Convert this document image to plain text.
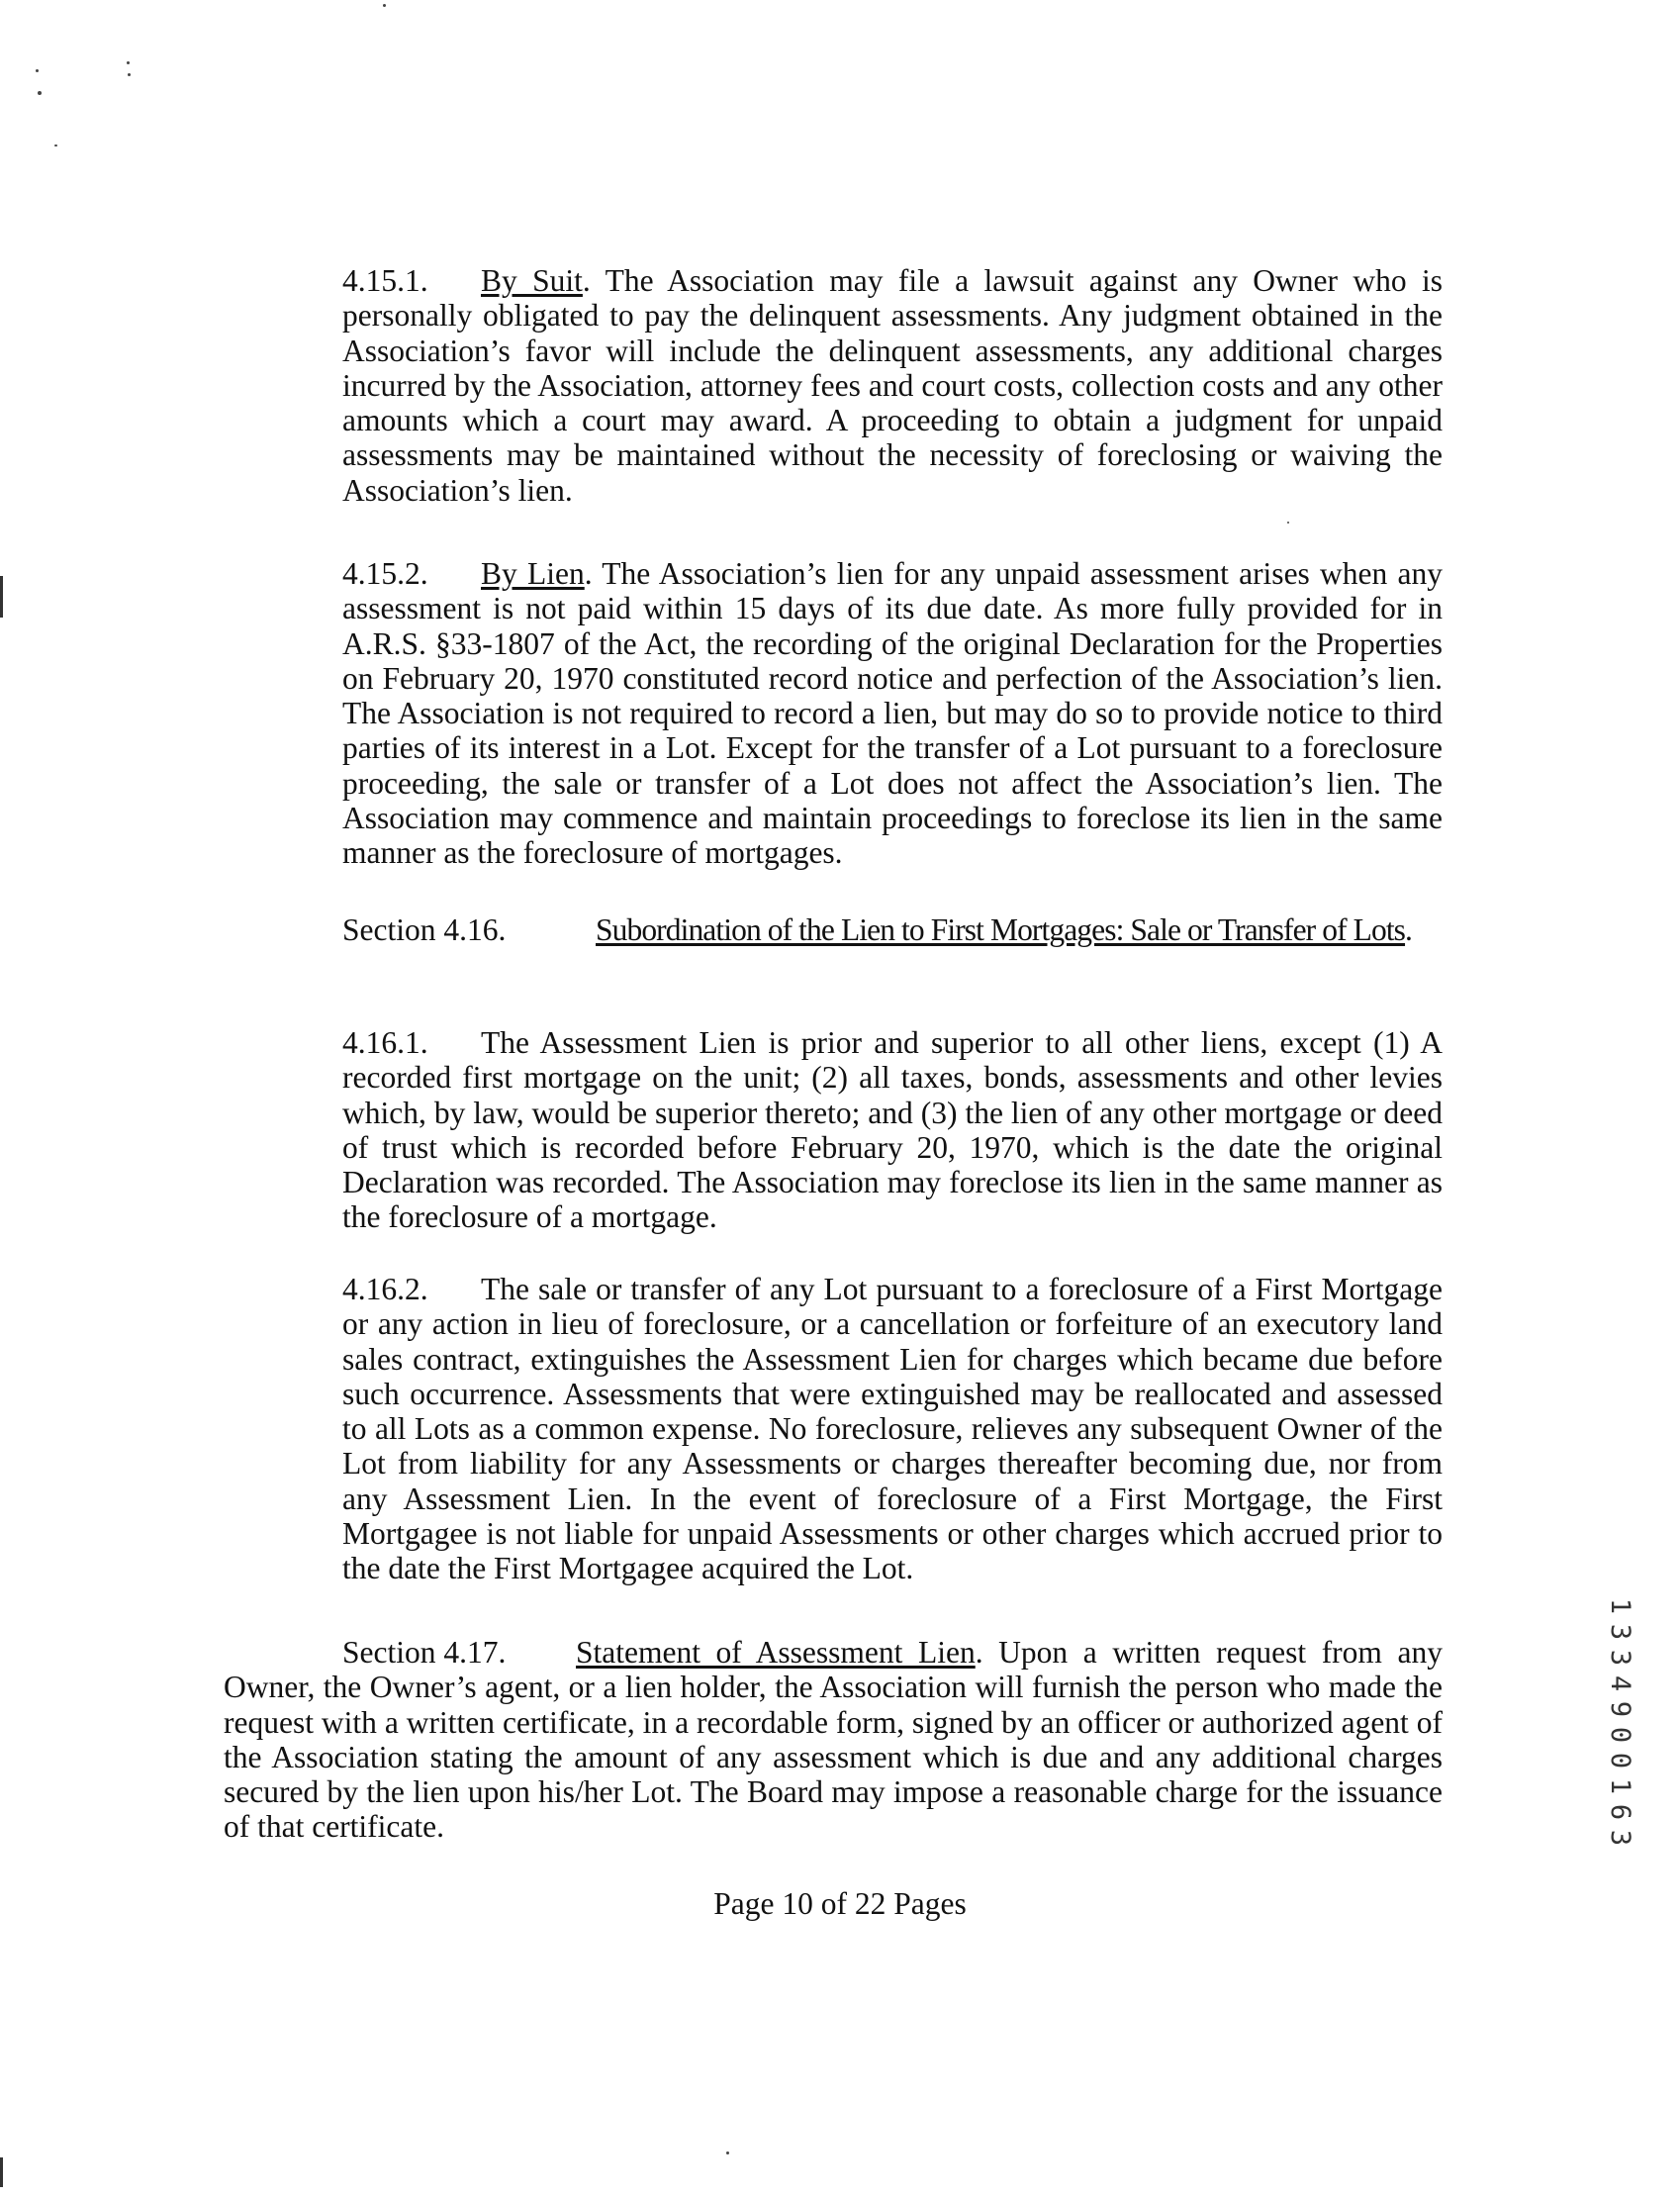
4.15.1. By Suit. The Association may file a lawsuit against any Owner who is personally obligated to pay the delinquent assessments. Any judgment obtained in the Association’s favor will include the delinquent assessments, any additional charges incurred by the Association, attorney fees and court costs, collection costs and any other amounts which a court may award. A proceeding to obtain a judgment for unpaid assessments may be maintained without the necessity of foreclosing or waiving the Association’s lien.

4.15.2. By Lien. The Association’s lien for any unpaid assessment arises when any assessment is not paid within 15 days of its due date. As more fully provided for in A.R.S. §33-1807 of the Act, the recording of the original Declaration for the Properties on February 20, 1970 constituted record notice and perfection of the Association’s lien. The Association is not required to record a lien, but may do so to provide notice to third parties of its interest in a Lot. Except for the transfer of a Lot pursuant to a foreclosure proceeding, the sale or transfer of a Lot does not affect the Association’s lien. The Association may commence and maintain proceedings to foreclose its lien in the same manner as the foreclosure of mortgages.

Section 4.16.	Subordination of the Lien to First Mortgages: Sale or Transfer of Lots.

4.16.1. The Assessment Lien is prior and superior to all other liens, except (1) A recorded first mortgage on the unit; (2) all taxes, bonds, assessments and other levies which, by law, would be superior thereto; and (3) the lien of any other mortgage or deed of trust which is recorded before February 20, 1970, which is the date the original Declaration was recorded. The Association may foreclose its lien in the same manner as the foreclosure of a mortgage.

4.16.2. The sale or transfer of any Lot pursuant to a foreclosure of a First Mortgage or any action in lieu of foreclosure, or a cancellation or forfeiture of an executory land sales contract, extinguishes the Assessment Lien for charges which became due before such occurrence. Assessments that were extinguished may be reallocated and assessed to all Lots as a common expense. No foreclosure, relieves any subsequent Owner of the Lot from liability for any Assessments or charges thereafter becoming due, nor from any Assessment Lien. In the event of foreclosure of a First Mortgage, the First Mortgagee is not liable for unpaid Assessments or other charges which accrued prior to the date the First Mortgagee acquired the Lot.

Section 4.17. Statement of Assessment Lien. Upon a written request from any Owner, the Owner’s agent, or a lien holder, the Association will furnish the person who made the request with a written certificate, in a recordable form, signed by an officer or authorized agent of the Association stating the amount of any assessment which is due and any additional charges secured by the lien upon his/her Lot. The Board may impose a reasonable charge for the issuance of that certificate.

Page 10 of 22 Pages
1
3
3
4
9
0
0
1
6
3
